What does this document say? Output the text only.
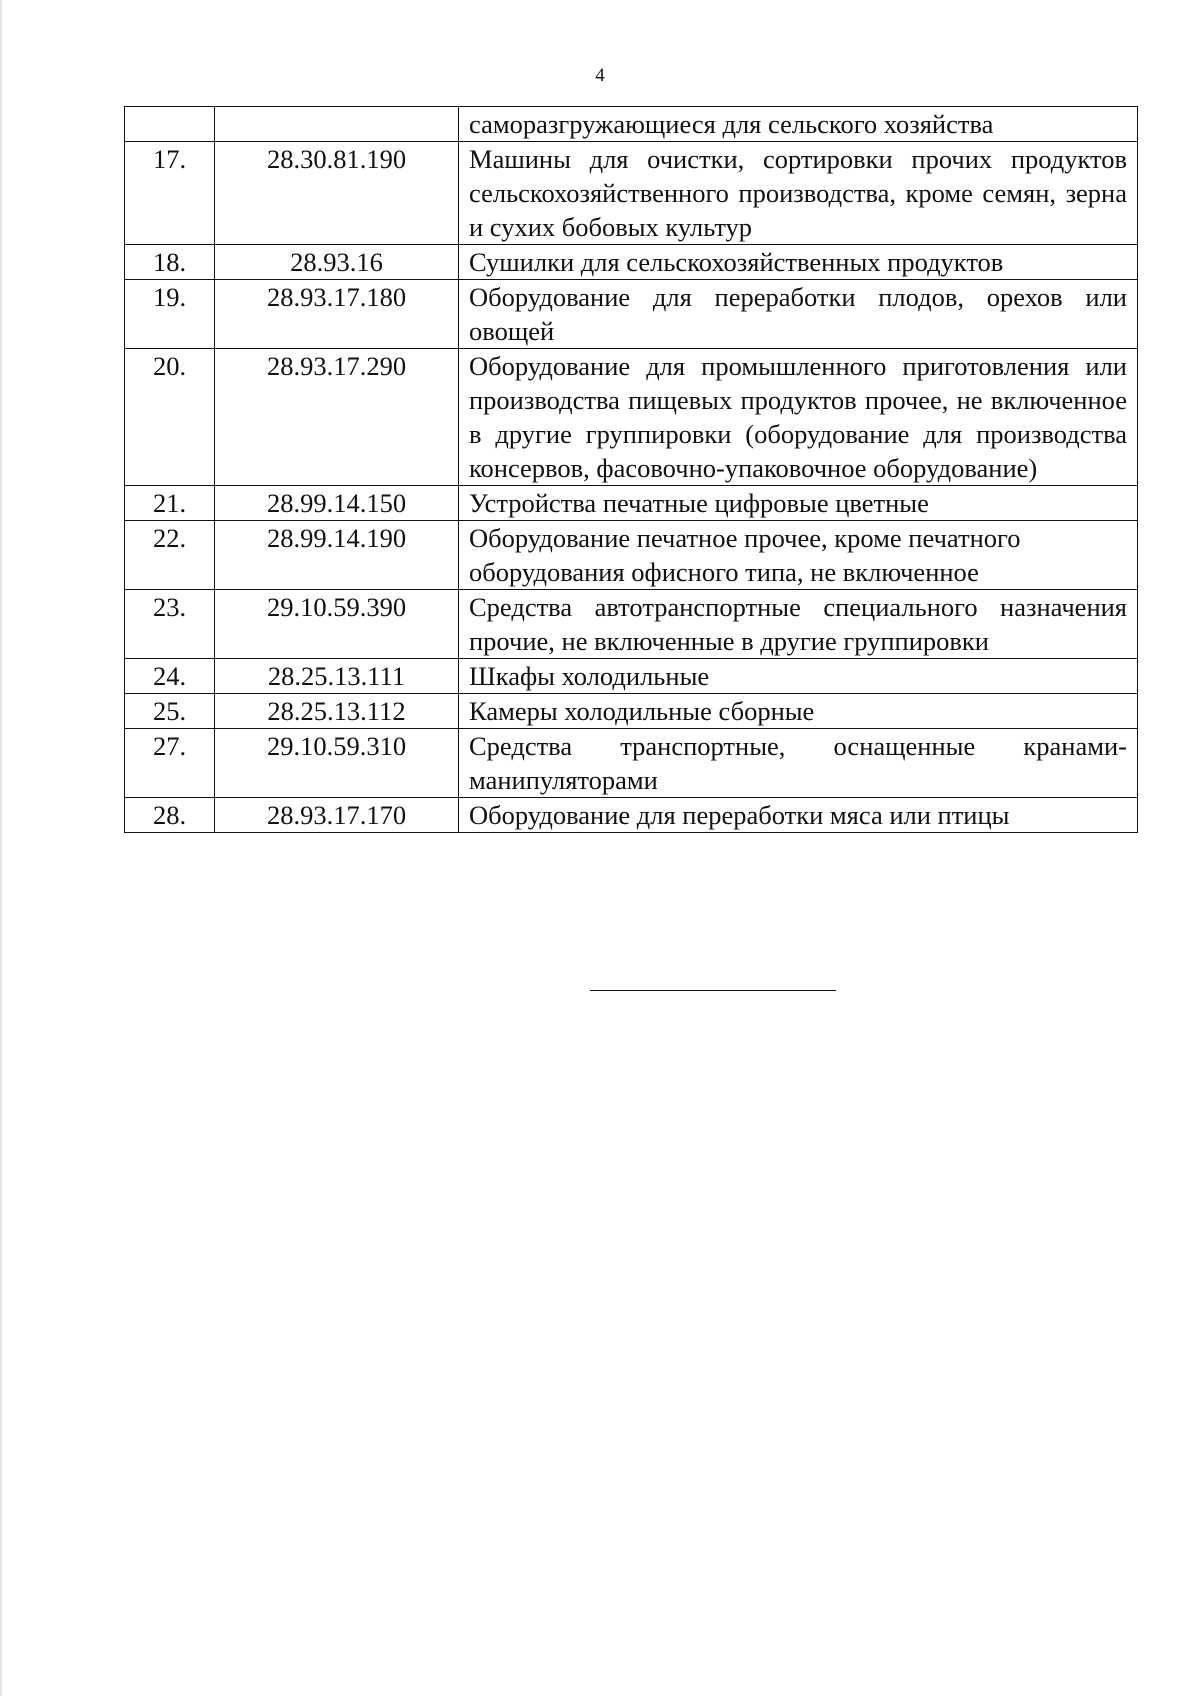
4
		саморазгружающиеся для сельского хозяйства
17.	28.30.81.190	Машины для очистки, сортировки прочих продуктов сельскохозяйственного производства, кроме семян, зерна и сухих бобовых культур
18.	28.93.16	Сушилки для сельскохозяйственных продуктов
19.	28.93.17.180	Оборудование для переработки плодов, орехов или овощей
20.	28.93.17.290	Оборудование для промышленного приготовления или производства пищевых продуктов прочее, не включенное в другие группировки (оборудование для производства консервов, фасовочно-упаковочное оборудование)
21.	28.99.14.150	Устройства печатные цифровые цветные
22.	28.99.14.190	Оборудование печатное прочее, кроме печатного оборудования офисного типа, не включенное
23.	29.10.59.390	Средства автотранспортные специального назначения прочие, не включенные в другие группировки
24.	28.25.13.111	Шкафы холодильные
25.	28.25.13.112	Камеры холодильные сборные
27.	29.10.59.310	Средства транспортные, оснащенные кранами-манипуляторами
28.	28.93.17.170	Оборудование для переработки мяса или птицы
